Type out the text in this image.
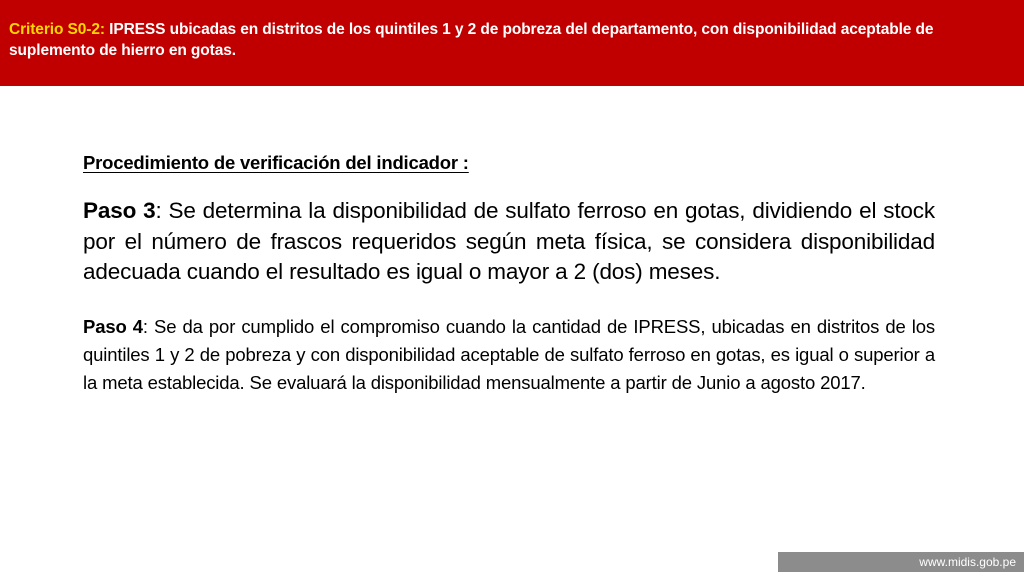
Criterio S0-2: IPRESS ubicadas en distritos de los quintiles 1 y 2 de pobreza del departamento, con disponibilidad aceptable de suplemento de hierro en gotas.

Procedimiento de verificación del indicador :

Paso 3: Se determina la disponibilidad de sulfato ferroso en gotas, dividiendo el stock por el número de frascos requeridos según meta física, se considera disponibilidad adecuada cuando el resultado es igual o mayor a 2 (dos) meses.

Paso 4: Se da por cumplido el compromiso cuando la cantidad de IPRESS, ubicadas en distritos de los quintiles 1 y 2 de pobreza y con disponibilidad aceptable de sulfato ferroso en gotas, es igual o superior a la meta establecida. Se evaluará la disponibilidad mensualmente a partir de Junio a agosto 2017.

www.midis.gob.pe
